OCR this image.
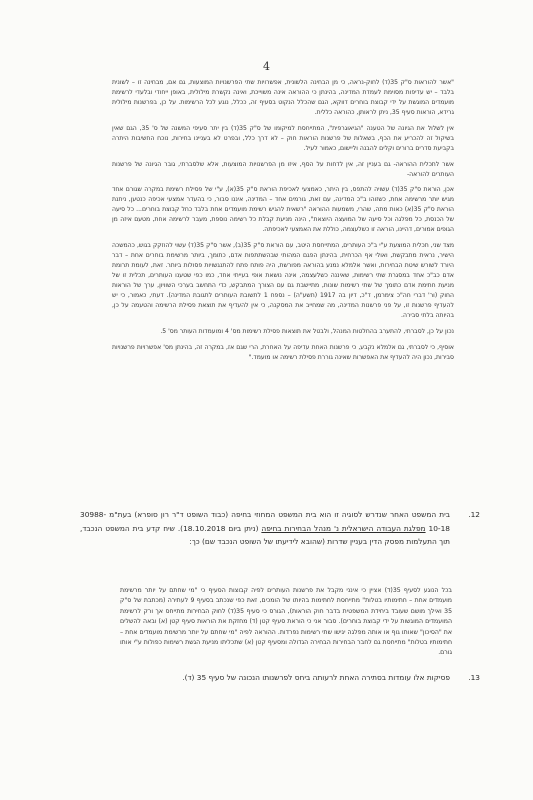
4

"אשר להוראות ס"ק 35(ד) לחוק-נראה, כי מן הבחינה הלשונית, אפשרויות שתי הפרשנויות המוצעות, גם אם, מבחינה זו – לשונית בלבד – יש עדיפות מסוימת לעמדת המדינה, בהינתן כי ההוראה אינה משוייכת, ואינה נקשרת מילולית, באופן ייחודי ובלעדי לרשימת מועמדים המוגשת על ידי קבוצת בוחרים דווקא, הגם שהכלל הנקוט בסעיף זה, ככלל, נוגע לכל הרשימות. על כן, בפרשנות מילולית גרידא, הוראות סעיף 35, ניתן לראותן, כהוראה כללית.

אין לשלול את הגיונה של הטענה "הגיאוגרפית", המתייחסת למיקומו של ס"ק 35(ד) בין יתר סעיפי המשנה של ס' 35, הגם שאין בשיקול זה להכריע את הכף, בשאלות של פרשנות הוראות חוק – לא דרך כלל, ובפרט לא בעניינו בחירות, נוכח החשיבות היתרה בקביעת סדרים ברורים וקלים להבנה וליישום, כאמור לעיל.

אשר לתכלית ההוראה- גם בעניין זה, אין לדחות על הסף, איזו מן הפרשנויות המוצעות, אלא שלסברתי, גובר הגיונה של פרשנות העותרים להוראה-

אכן, הוראת ס"ק 35(ד) עשויה להתפס, בין היתר, כאמצעי לאכיפת הוראת ס"ק 35(א), ע"י של פסילת רשימת במקרה שגורם אחד מגיש יותר מרשימה אחת, כשזוהו ב"כ המדינה, עם זאת, גורמים אחד – המדינה, איננו סבור, כי בהעדר אמצעי אכיפה כנטען, ניתנת הוראת ס"ק 35(א) כאות מתה, שהרי, משמעות ההוראה "רשאית להגיש רשימת מועמדים אחת בלבד כחל קבוצת בוחרים... כל סיעה של הכנסת, כל מפלגה וכל סיעה של המועצה היוצאת", הינה מניעת קבלת כל רשימה נוספת, מעבר לרשימה אחת, מטעם איזה מן הגופים אמורים, דהיינו, הוראה זו כשלעצמה, כוללת את האמצעי לאכיפתה.

מצד שני, תכלית המוצעת ע"י ב"כ העותרים, המתייחסת היטב, עם הוראת ס"ק 35(ב), אשר ס"ק 35(ד) עשוי להוזקק בגוש, כהמשכה הישיר, נראית מתבקשת, ואולי אף הכרחית, בהינתן הפגם המהותי שבהשתתפות אדם, כתומך, ביותר מרשימת בוחרים אחת – דבר היורד לשורש שיטת הבחירות, ואשר אלמלא נמנע בהוראה מפורשת, היה פותח פתח להתנגשויות פסולות ביותר. זאת, לעומת תרומת אדם כב"כ אחד במסגרת שתי רשימות, שאיננה כשלעצמה, אינה נושאת אופי בעייתי אחד, כמו כפי שטענו העותרים, תכלית זו של מניעת חתימת אדם כתומך של שתי רשימות שונות, מתיישבת גם עם הצורך המתבקש, כדי התחשב בערכי השוויון, ערך של הוראות החוק (ור' דברי חה"כ צימרמן, ד"כ, דיון בה 1917 (תשע"ה) – נספח 1 לתשובת העותרים לתגובת המדינה). דעתי, כאמור, כי יש להעדיף פרשנות זו, על פני פרשנות המדינה, מה שמחייב את המסקנה, כי אין להעדיף את תוצאת פסילת הרשימה והטעמה על כן, בהיותה בלתי סבירה.

נכון על כן, לסברתי, להתערב בהחלטות המנהל, ולבטל את תוצאות פסילת רשימות מס' 4 ומועמדות העותר מס' 5.

אוסיף, כי לסברתי, גם אלמלא נקבע, כי פרשנות האחת עדיפה על האחרת, הרי שגם אז, במקרה זה, בהינתן מס' אפשרויות פרשנויות סבירות, נכון היה להעדיף את האפשרות שאינה גוררת פסילת רשימה או מועמד."

12.
בית המשפט האחר שנדרש לסוגיה זו הוא בית המשפט המחוזי בחיפה (כבוד השופט ד"ר רון סופרא) בעת"מ 30988-10-18 מפלגת העבודה הישראלית נ' מנהל הבחירות בחיפה (ניתן ביום 18.10.2018). שיח קדע בית המשפט הנכבד, תוך התעלמות מפסק הדין בעניין שדרות (שהובא לידיעתו של השופט הנכבד שם) כך:

בכל הנוגע לסעיף 35(ד) אציין כי אינני מקבל את פרשנות העותרים לפיה קבוצות הסעיף כי "מי שחתם על יותר מרשימת מועמדים אחת – חתימותיו בטלות" מתייחסת לחתימות בהיותו של הומכים, זאת כפי שנכתב בסעיף 9 לעתירה (מכתבת של ס"ק 35 ואילך מושם שעובד ביחידת המשפטית בדבר חוק הוראות), הגורס כי סעיף 35(ד) לחוק הבחירות מתייחס אך ורק לרשימת המועמדים המוגשות על ידי קבוצת בוחרים). סבור אני כי הוראת סעיף קטן (ד) מחזקת את הוראות סעיף קטן (א) ובאה להשלים את "הסיכון" שאותו גוף או אותה מפלגה יגישו שתי רשימות נפרדות. ההוראה לפיה "מי שחתם על יותר מרשימת מועמדים אחת – חתימותיו בטלות" מתייחסת גם לחבר הבחירות הבחירה הגדולה ומסעיף קטן (א) שתכליתו מניעת הגשת רשימות כפולות ע"י אותו גורם.

13.
פסיקות אלו עומדות בסתירה האחת לרעותה ביחס לפרשנותו הנכונה של סעיף 35 (ד).
